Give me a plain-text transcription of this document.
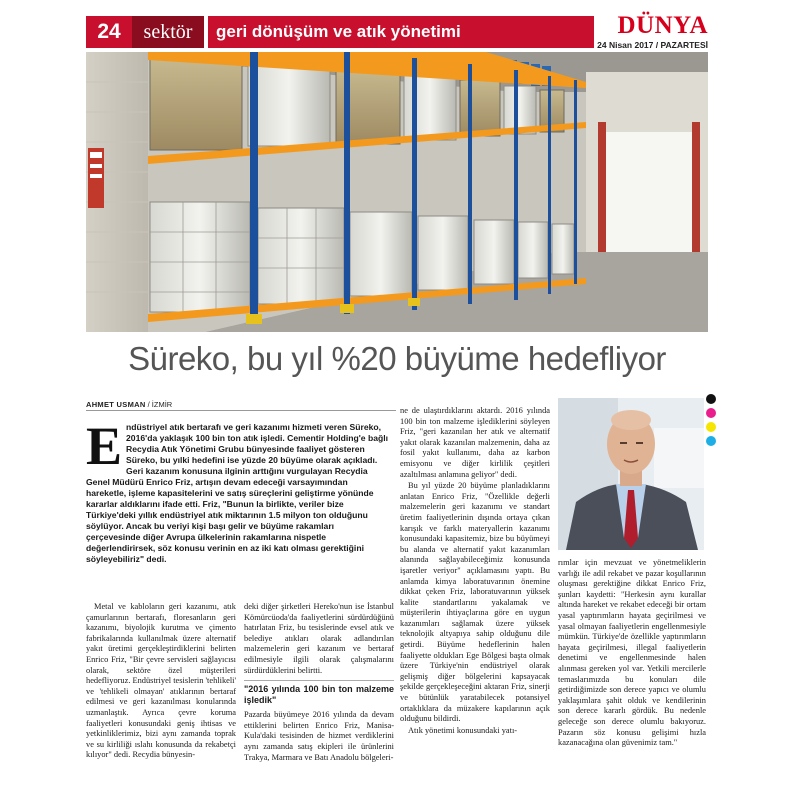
24	sektör	geri dönüşüm ve atık yönetimi	DÜNYA
24 Nisan 2017 / PAZARTESİ
Süreko, bu yıl %20 büyüme hedefliyor
AHMET USMAN / İZMİR
E ndüstriyel atık bertarafı ve geri kazanımı hizmeti veren Süreko, 2016'da yaklaşık 100 bin ton atık işledi. Cementir Holding'e bağlı Recydia Atık Yönetimi Grubu bünyesinde faaliyet gösteren Süreko, bu yılki hedefini ise yüzde 20 büyüme olarak açıkladı. Geri kazanım konusuna ilginin arttığını vurgulayan Recydia Genel Müdürü Enrico Friz, artışın devam edeceği varsayımından hareketle, işleme kapasitelerini ve satış süreçlerini geliştirme yönünde kararlar aldıklarını ifade etti. Friz, "Bunun la birlikte, veriler bize Türkiye'deki yıllık endüstriyel atık miktarının 1.5 milyon ton olduğunu söylüyor. Ancak bu veriyi kişi başı gelir ve büyüme rakamları çerçevesinde diğer Avrupa ülkelerinin rakamlarına nispetle değerlendirirsek, söz konusu verinin en az iki katı olması gerektiğini söyleyebiliriz" dedi.

Metal ve kabloların geri kazanımı, atık çamurlarının bertarafı, floresanların geri kazanımı, biyolojik kurutma ve çimento fabrikalarında kullanılmak üzere alternatif yakıt üretimi gerçekleştirdiklerini belirten Enrico Friz, "Bir çevre servisleri sağlayıcısı olarak, sektöre özel müşterileri hedefliyoruz. Endüstriyel tesislerin 'tehlikeli' ve 'tehlikeli olmayan' atıklarının bertaraf edilmesi ve geri kazanılması konularında uzmanlaştık. Ayrıca çevre koruma faaliyetleri konusundaki geniş ihtisas ve yetkinliklerimiz, bizi aynı zamanda toprak ve su kirliliği ıslahı konusunda da rekabetçi kılıyor" dedi. Recydia bünyesin-

deki diğer şirketleri Hereko'nun ise İstanbul Kömürcüoda'da faaliyetlerini sürdürdüğünü hatırlatan Friz, bu tesislerinde evsel atık ve belediye atıkları olarak adlandırılan malzemelerin geri kazanım ve bertaraf edilmesiyle ilgili olarak çalışmalarını sürdürdüklerini belirtti.

"2016 yılında 100 bin ton malzeme işledik"

Pazarda büyümeye 2016 yılında da devam ettiklerini belirten Enrico Friz, Manisa-Kula'daki tesisinden de hizmet verdiklerini aynı zamanda satış ekipleri ile ürünlerini Trakya, Marmara ve Batı Anadolu bölgeleri-

ne de ulaştırdıklarını aktardı. 2016 yılında 100 bin ton malzeme işlediklerini söyleyen Friz, "geri kazanılan her atık ve alternatif yakıt olarak kazanılan malzemenin, daha az fosil yakıt kullanımı, daha az karbon emisyonu ve diğer kirlilik çeşitleri azaltılması anlamına geliyor" dedi.

Bu yıl yüzde 20 büyüme planladıklarını anlatan Enrico Friz, "Özellikle değerli malzemelerin geri kazanımı ve standart üretim faaliyetlerinin dışında ortaya çıkan karışık ve farklı materyallerin kazanımı konusundaki kapasitemiz, bize bu büyümeyi bu alanda ve alternatif yakıt kazanımları alanında sağlayabileceğimiz konusunda işaretler veriyor" açıklamasını yaptı. Bu anlamda kimya laboratuvarının önemine dikkat çeken Friz, laboratuvarının yüksek kalite standartlarını yakalamak ve müşterilerin ihtiyaçlarına göre en uygun kazanımları sağlamak üzere yüksek teknolojik altyapıya sahip olduğunu dile getirdi. Büyüme hedeflerinin halen faaliyette oldukları Ege Bölgesi başta olmak üzere Türkiye'nin endüstriyel olarak gelişmiş diğer bölgelerini kapsayacak şekilde gerçekleşeceğini aktaran Friz, sinerji ve bütünlük yaratabilecek potansiyel ortaklıklara da müzakere kapılarının açık olduğunu bildirdi.

Atık yönetimi konusundaki yatı-

rımlar için mevzuat ve yönetmeliklerin varlığı ile adil rekabet ve pazar koşullarının oluşması gerektiğine dikkat Enrico Friz, şunları kaydetti: "Herkesin aynı kurallar altında hareket ve rekabet edeceği bir ortam yasal yaptırımların hayata geçirilmesi ve yasal olmayan faaliyetlerin engellenmesiyle mümkün. Türkiye'de özellikle yaptırımların hayata geçirilmesi, illegal faaliyetlerin denetimi ve engellenmesinde halen alınması gereken yol var. Yetkili mercilerle temaslarımızda bu konuları dile getirdiğimizde son derece yapıcı ve olumlu yaklaşımlara şahit olduk ve kendilerinin son derece kararlı gördük. Bu nedenle geleceğe son derece olumlu bakıyoruz. Pazarın söz konusu gelişimi hızla kazanacağına olan güvenimiz tam."
